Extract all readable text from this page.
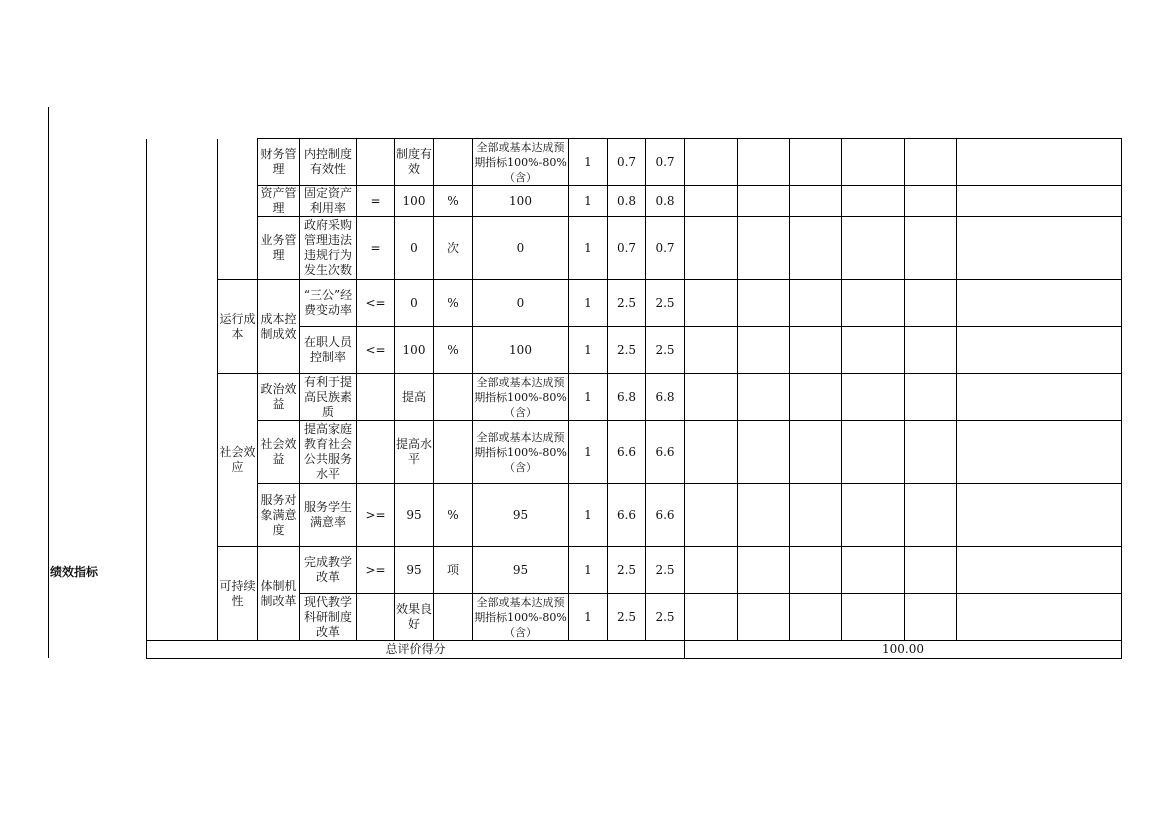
绩效指标
		财务管理	内控制度有效性		制度有效		全部或基本达成预期指标100%-80%（含）	1	0.7	0.7						
		资产管理	固定资产利用率	=	100	%	100	1	0.8	0.8						
		业务管理	政府采购管理违法违规行为发生次数	=	0	次	0	1	0.7	0.7						
	运行成本	成本控制成效	“三公”经费变动率	<=	0	%	0	1	2.5	2.5						
			在职人员控制率	<=	100	%	100	1	2.5	2.5						
	社会效应	政治效益	有利于提高民族素质		提高		全部或基本达成预期指标100%-80%（含）	1	6.8	6.8						
		社会效益	提高家庭教育社会公共服务水平		提高水平		全部或基本达成预期指标100%-80%（含）	1	6.6	6.6						
		服务对象满意度	服务学生满意率	>=	95	%	95	1	6.6	6.6						
	可持续性	体制机制改革	完成教学改革	>=	95	项	95	1	2.5	2.5						
			现代教学科研制度改革		效果良好		全部或基本达成预期指标100%-80%（含）	1	2.5	2.5						
总评价得分											100.00					
